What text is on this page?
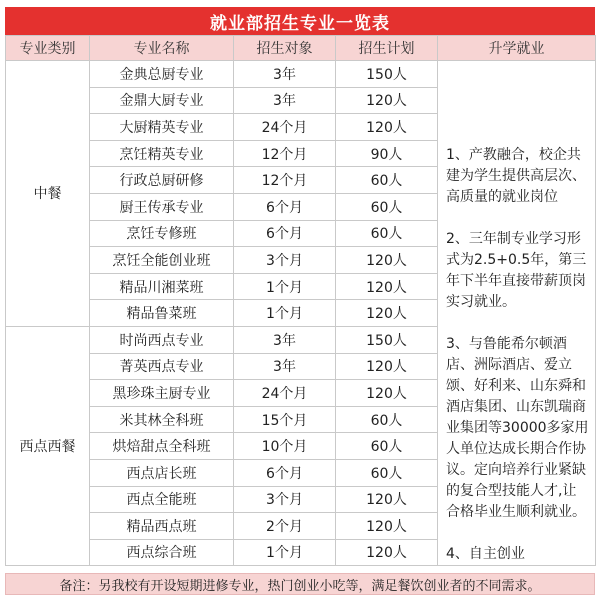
就业部招生专业一览表
专业类别	专业名称	招生对象	招生计划	升学就业
中餐	金典总厨专业	3年	150人	1、产教融合，校企共建为学生提供高层次、高质量的就业岗位

2、三年制专业学习形式为2.5+0.5年，第三年下半年直接带薪顶岗实习就业。

3、与鲁能希尔顿酒店、洲际酒店、爱立颂、好利来、山东舜和酒店集团、山东凯瑞商业集团等30000多家用人单位达成长期合作协议。定向培养行业紧缺的复合型技能人才,让合格毕业生顺利就业。

4、自主创业

	金鼎大厨专业	3年	120人	
	大厨精英专业	24个月	120人	
	烹饪精英专业	12个月	90人	
	行政总厨研修	12个月	60人	
	厨王传承专业	6个月	60人	
	烹饪专修班	6个月	60人	
	烹饪全能创业班	3个月	120人	
	精品川湘菜班	1个月	120人	
	精品鲁菜班	1个月	120人	
西点西餐	时尚西点专业	3年	150人	
	菁英西点专业	3年	120人	
	黑珍珠主厨专业	24个月	120人	
	米其林全科班	15个月	60人	
	烘焙甜点全科班	10个月	60人	
	西点店长班	6个月	60人	
	西点全能班	3个月	120人	
	精品西点班	2个月	120人	
	西点综合班	1个月	120人	
备注：另我校有开设短期进修专业，热门创业小吃等，满足餐饮创业者的不同需求。
